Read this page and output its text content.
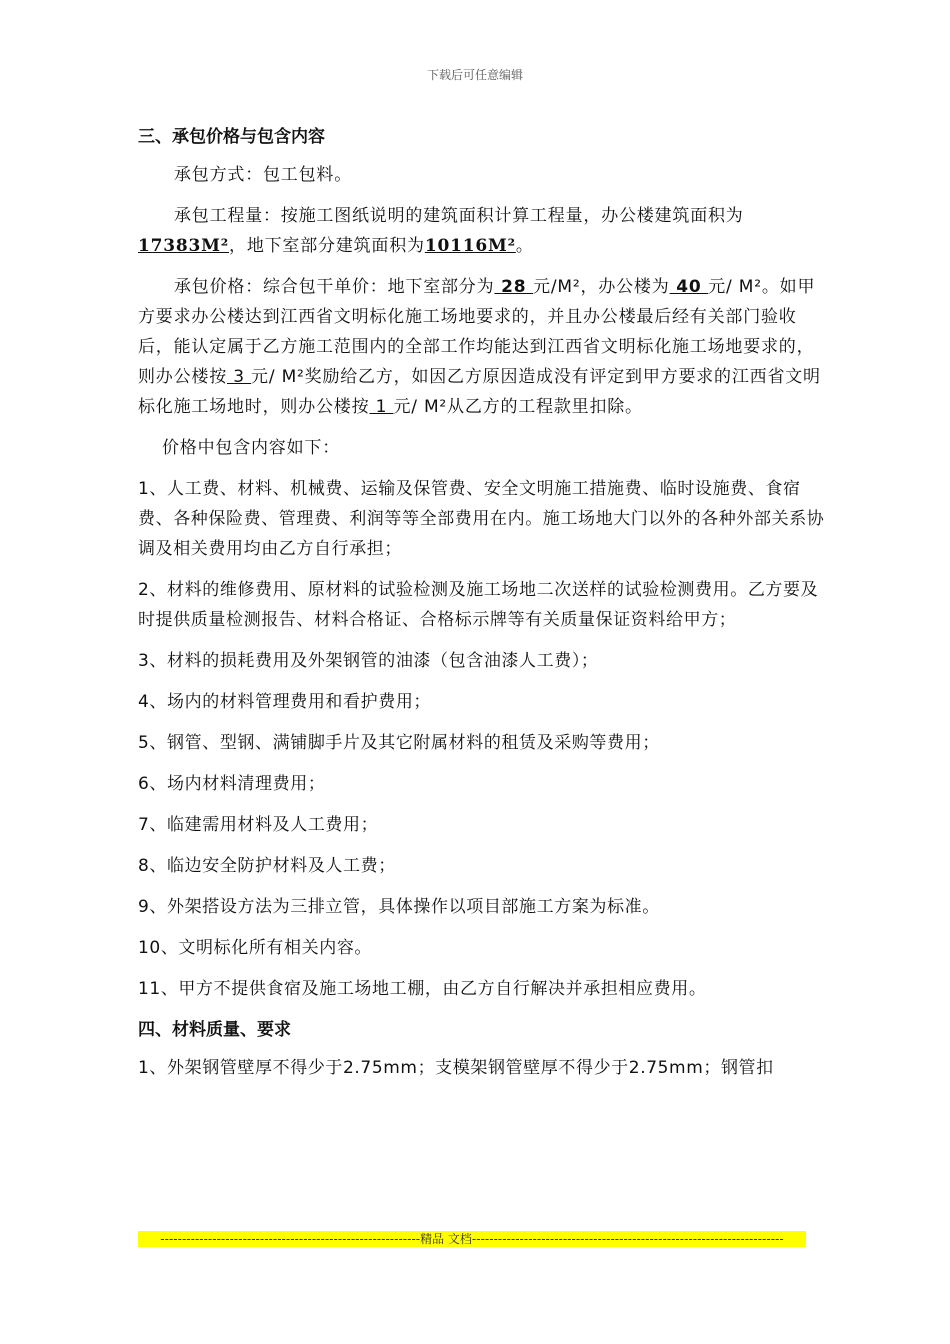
下载后可任意编辑
三、承包价格与包含内容

承包方式：包工包料。

承包工程量：按施工图纸说明的建筑面积计算工程量，办公楼建筑面积为17383M²，地下室部分建筑面积为10116M²。

承包价格：综合包干单价：地下室部分为 28 元/M²，办公楼为 40 元/ M²。如甲方要求办公楼达到江西省文明标化施工场地要求的，并且办公楼最后经有关部门验收后，能认定属于乙方施工范围内的全部工作均能达到江西省文明标化施工场地要求的，则办公楼按 3 元/ M²奖励给乙方，如因乙方原因造成没有评定到甲方要求的江西省文明标化施工场地时，则办公楼按 1 元/ M²从乙方的工程款里扣除。

价格中包含内容如下：

1、人工费、材料、机械费、运输及保管费、安全文明施工措施费、临时设施费、食宿费、各种保险费、管理费、利润等等全部费用在内。施工场地大门以外的各种外部关系协调及相关费用均由乙方自行承担；

2、材料的维修费用、原材料的试验检测及施工场地二次送样的试验检测费用。乙方要及时提供质量检测报告、材料合格证、合格标示牌等有关质量保证资料给甲方；

3、材料的损耗费用及外架钢管的油漆（包含油漆人工费）；

4、场内的材料管理费用和看护费用；

5、钢管、型钢、满铺脚手片及其它附属材料的租赁及采购等费用；

6、场内材料清理费用；

7、临建需用材料及人工费用；

8、临边安全防护材料及人工费；

9、外架搭设方法为三排立管，具体操作以项目部施工方案为标准。

10、文明标化所有相关内容。

11、甲方不提供食宿及施工场地工棚，由乙方自行解决并承担相应费用。

四、材料质量、要求

1、外架钢管壁厚不得少于2.75mm；支模架钢管壁厚不得少于2.75mm；钢管扣

------------------------------------------------------------精品 文档------------------------------------------------------------------------
